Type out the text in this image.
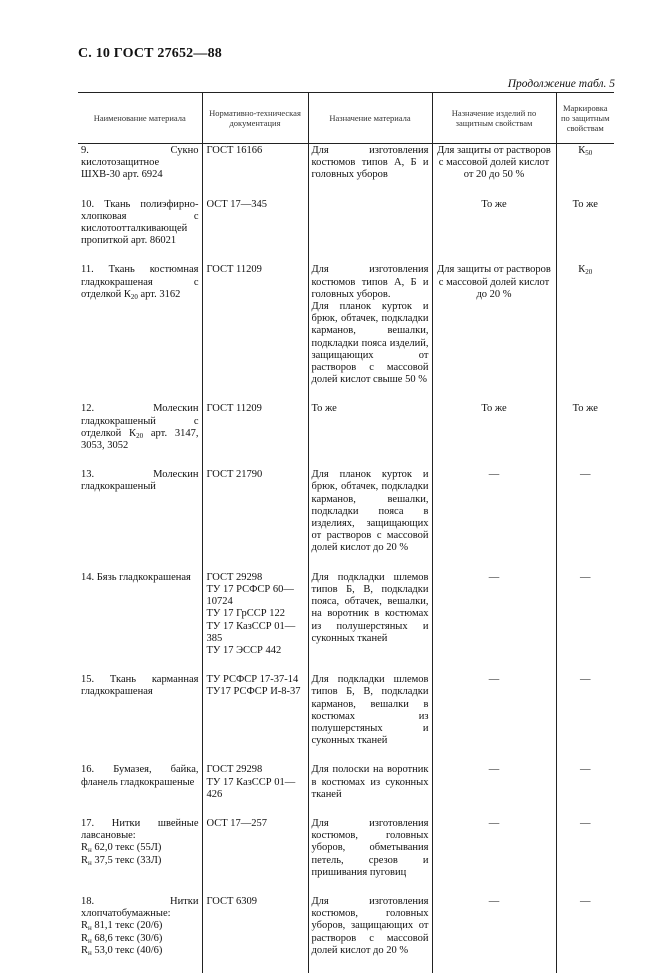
С. 10 ГОСТ 27652—88
Продолжение табл. 5
Наименование материала	Нормативно-техническая документация	Назначение материала	Назначение изделий по защитным свойствам	Маркировка по защитным свойствам
9. Сукно кислотозащитное ШХВ-30 арт. 6924	ГОСТ 16166	Для изготовления костюмов типов А, Б и головных уборов	Для защиты от растворов с массовой долей кислот от 20 до 50 %	$К_{50}$
10. Ткань полиэфирно-хлопковая с кислотоотталкивающей пропиткой арт. 86021	ОСТ 17—345		То же	То же
11. Ткань костюмная гладкокрашеная с отделкой $К_{20}$ арт. 3162	ГОСТ 11209	Для изготовления костюмов типов А, Б и головных уборов.
Для планок курток и брюк, обтачек, подкладки карманов, вешалки, подкладки пояса изделий, защищающих от растворов с массовой долей кислот свыше 50 %	Для защиты от растворов с массовой долей кислот до 20 %	$К_{20}$
12. Молескин гладкокрашеный с отделкой $К_{20}$ арт. 3147, 3053, 3052	ГОСТ 11209	То же	То же	То же
13. Молескин гладкокрашеный	ГОСТ 21790	Для планок курток и брюк, обтачек, подкладки карманов, вешалки, подкладки пояса в изделиях, защищающих от растворов с массовой долей кислот до 20 %	—	—
14. Бязь гладкокрашеная	ГОСТ 29298
ТУ 17 РСФСР 60—10724
ТУ 17 ГрССР 122
ТУ 17 КазССР 01—385
ТУ 17 ЭССР 442	Для подкладки шлемов типов Б, В, подкладки пояса, обтачек, вешалки, на воротник в костюмах из полушерстяных и суконных тканей	—	—
15. Ткань карманная гладкокрашеная	ТУ РСФСР 17-37-14
ТУ17 РСФСР И-8-37	Для подкладки шлемов типов Б, В, подкладки карманов, вешалки в костюмах из полушерстяных и суконных тканей	—	—
16. Бумазея, байка, фланель гладкокрашеные	ГОСТ 29298
ТУ 17 КазССР 01—426	Для полоски на воротник в костюмах из суконных тканей	—	—
17. Нитки швейные лавсановые:
$R_н$ 62,0 текс (55Л)
$R_н$ 37,5 текс (33Л)	ОСТ 17—257	Для изготовления костюмов, головных уборов, обметывания петель, срезов и пришивания пуговиц	—	—
18. Нитки хлопчатобумажные:
$R_н$ 81,1 текс (20/6)
$R_н$ 68,6 текс (30/6)
$R_н$ 53,0 текс (40/6)	ГОСТ 6309	Для изготовления костюмов, головных уборов, защищающих от растворов с массовой долей кислот до 20 %	—	—
